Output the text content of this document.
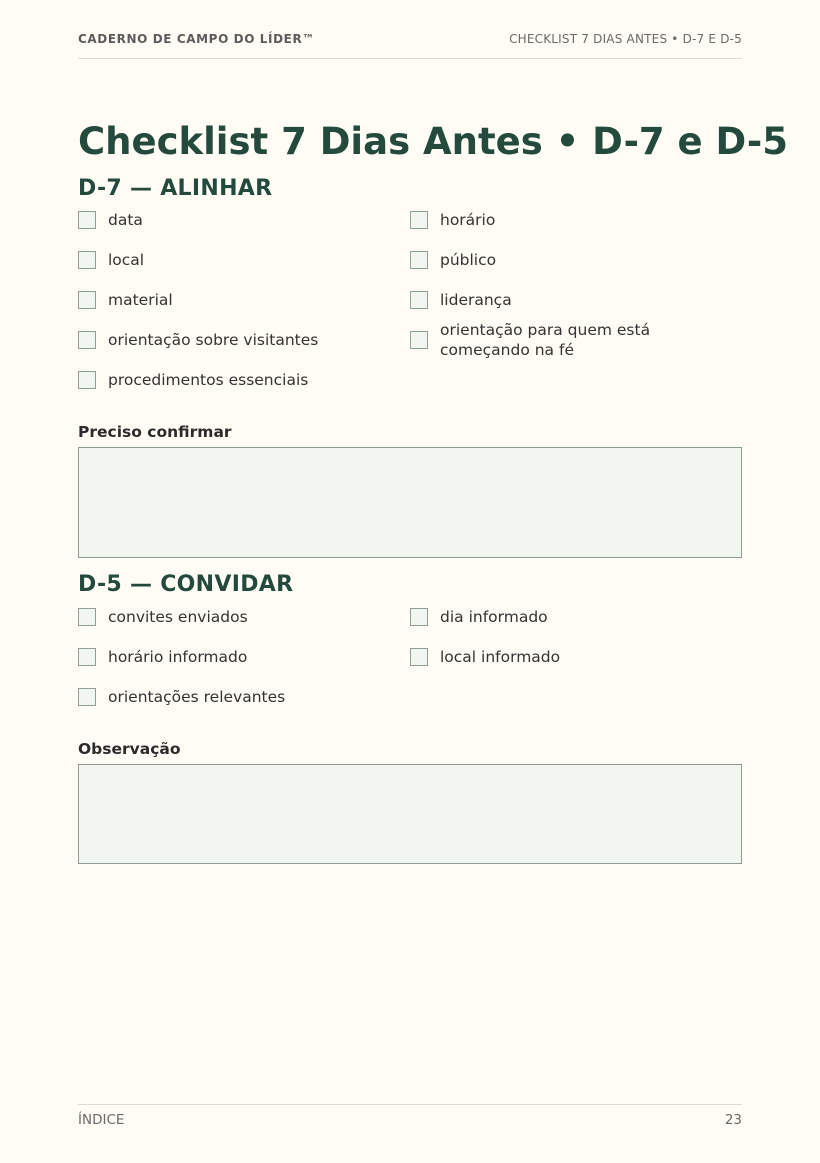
CADERNO DE CAMPO DO LÍDER™	CHECKLIST 7 DIAS ANTES • D-7 E D-5
Checklist 7 Dias Antes • D-7 e D-5
D-7 — ALINHAR
data	horário
local	público
material	liderança
orientação sobre visitantes
orientação para quem está
começando na fé
procedimentos essenciais
Preciso confirmar
D-5 — CONVIDAR
convites enviados	dia informado
horário informado	local informado
orientações relevantes
Observação
ÍNDICE	23
